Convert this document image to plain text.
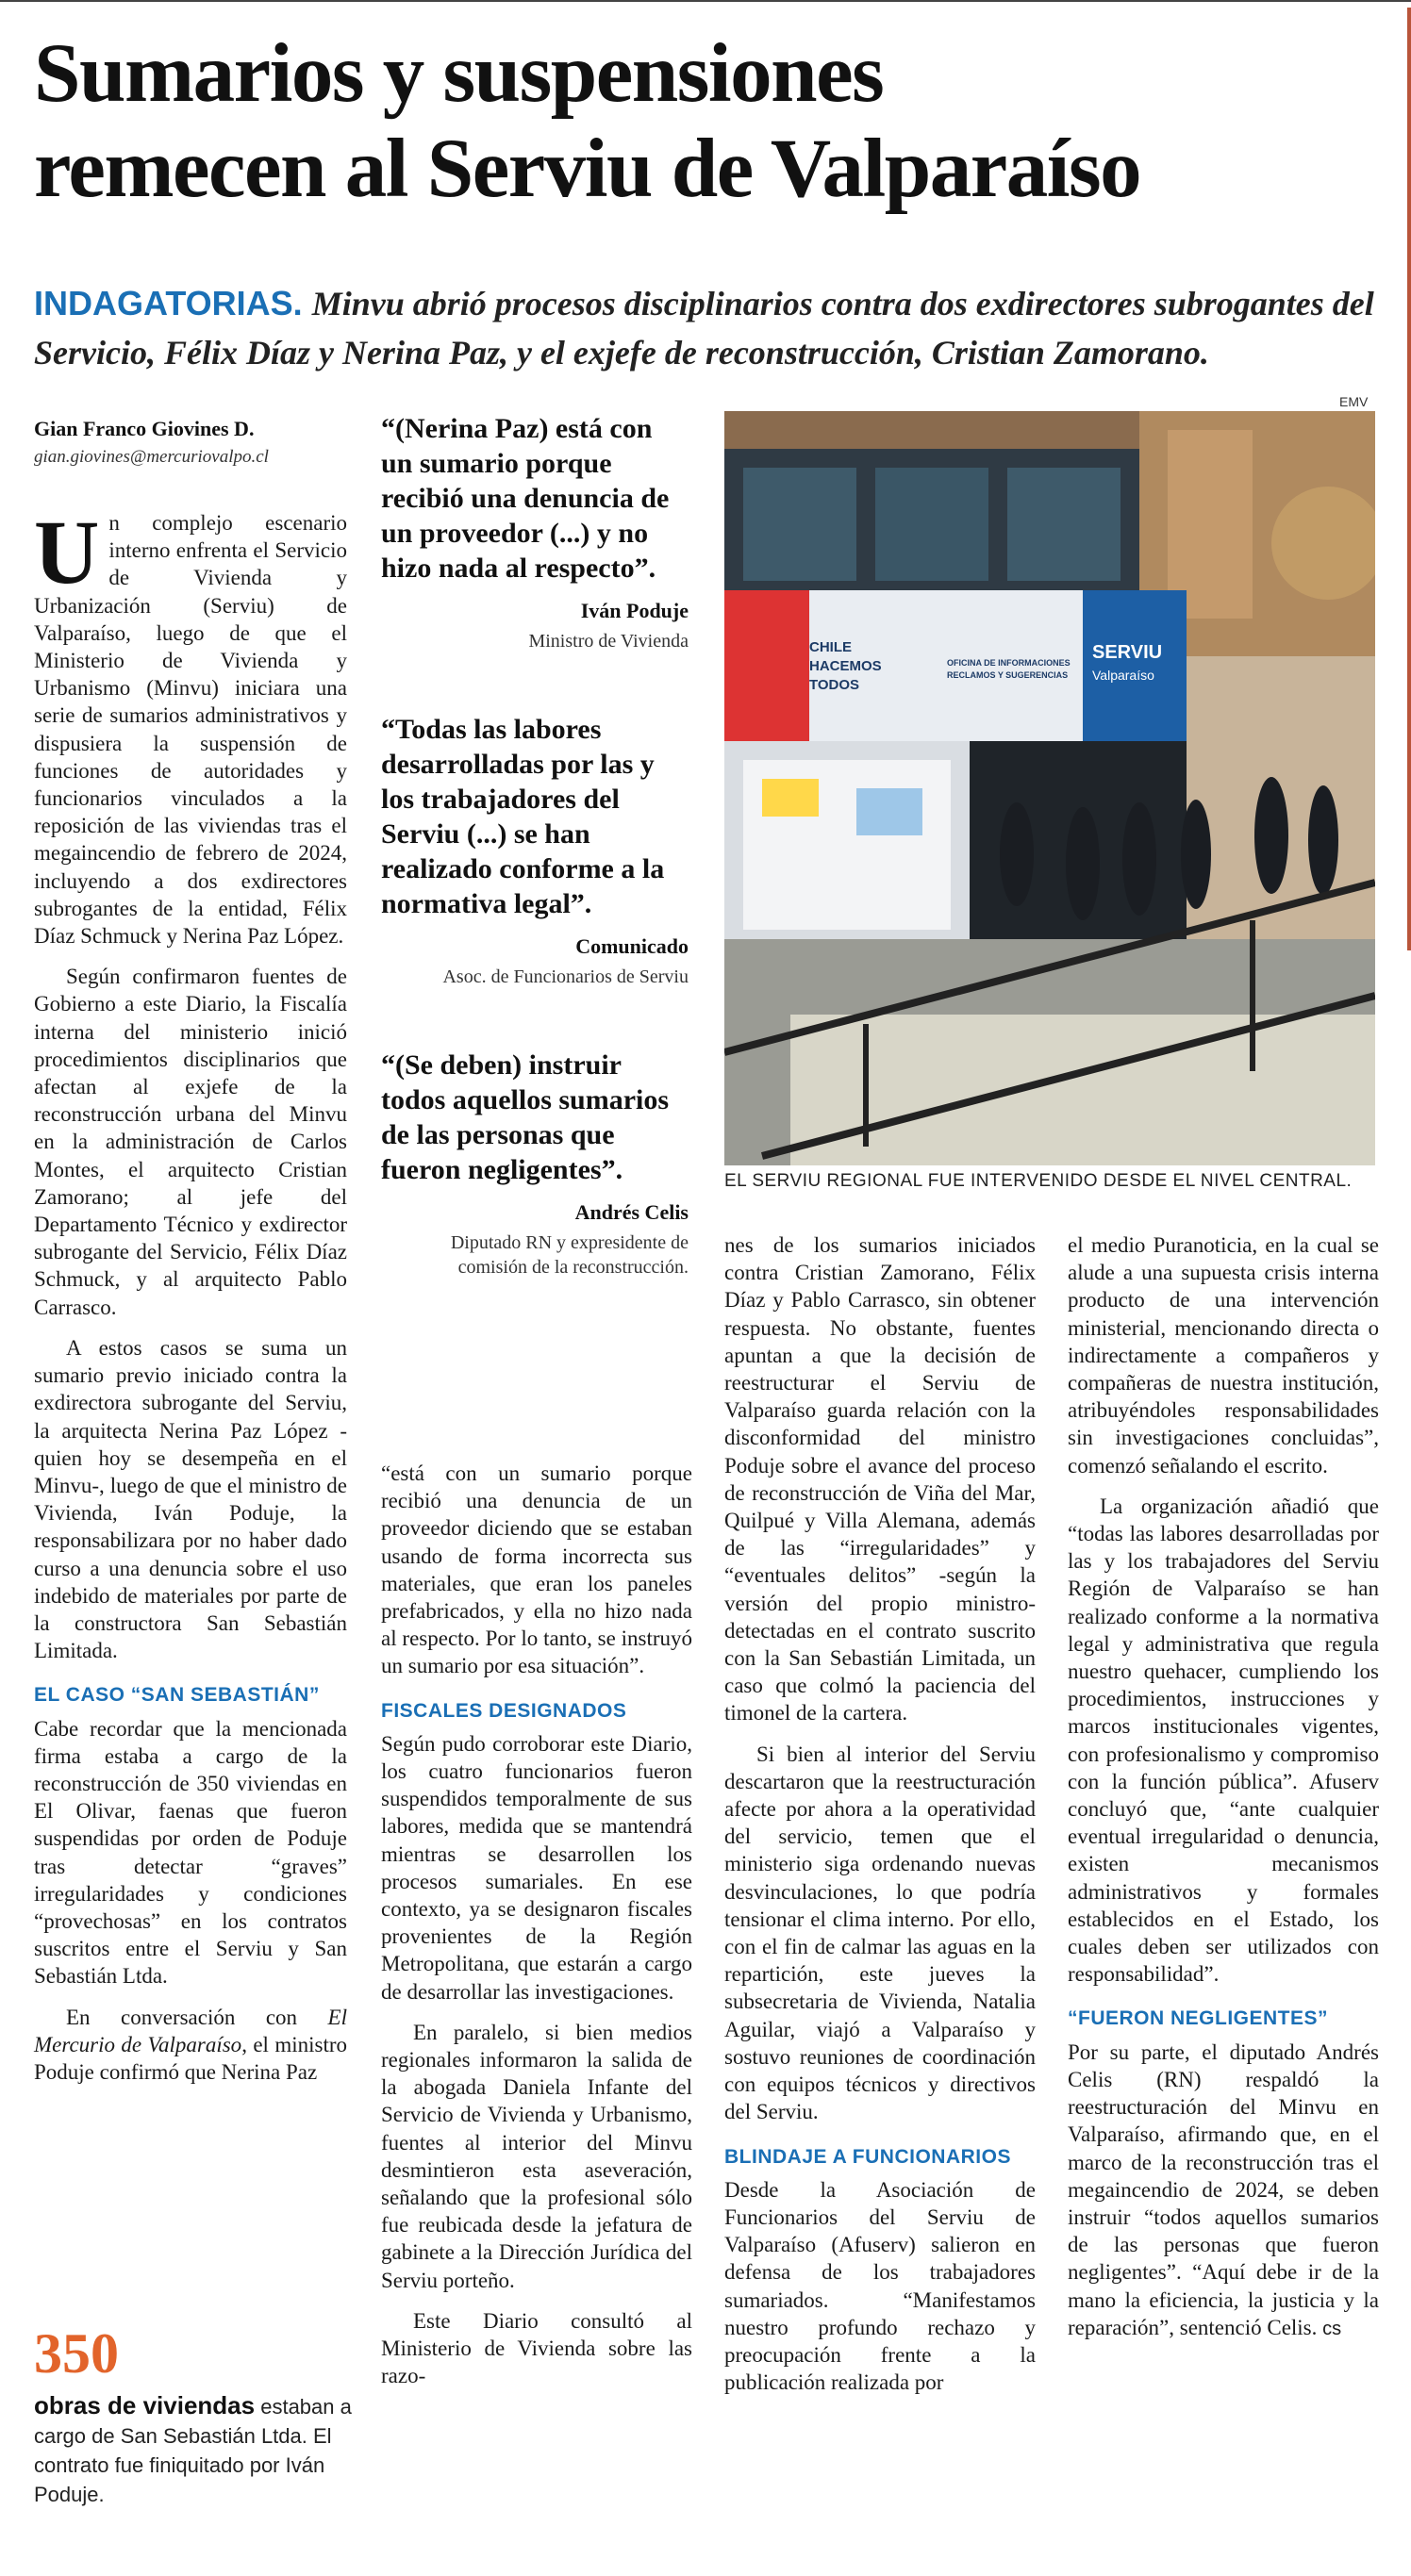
Sumarios y suspensiones
remecen al Serviu de Valparaíso
INDAGATORIAS. Minvu abrió procesos disciplinarios contra dos exdirectores subrogantes del Servicio, Félix Díaz y Nerina Paz, y el exjefe de reconstrucción, Cristian Zamorano.
Gian Franco Giovines D.
gian.giovines@mercuriovalpo.cl

Un complejo escenario interno enfrenta el Servicio de Vivienda y Urbanización (Serviu) de Valparaíso, luego de que el Ministerio de Vivienda y Urbanismo (Minvu) iniciara una serie de sumarios administrativos y dispusiera la suspensión de funciones de autoridades y funcionarios vinculados a la reposición de las viviendas tras el megaincendio de febrero de 2024, incluyendo a dos exdirectores subrogantes de la entidad, Félix Díaz Schmuck y Nerina Paz López.

Según confirmaron fuentes de Gobierno a este Diario, la Fiscalía interna del ministerio inició procedimientos disciplinarios que afectan al exjefe de la reconstrucción urbana del Minvu en la administración de Carlos Montes, el arquitecto Cristian Zamorano; al jefe del Departamento Técnico y exdirector subrogante del Servicio, Félix Díaz Schmuck, y al arquitecto Pablo Carrasco.

A estos casos se suma un sumario previo iniciado contra la exdirectora subrogante del Serviu, la arquitecta Nerina Paz López -quien hoy se desempeña en el Minvu-, luego de que el ministro de Vivienda, Iván Poduje, la responsabilizara por no haber dado curso a una denuncia sobre el uso indebido de materiales por parte de la constructora San Sebastián Limitada.

EL CASO “SAN SEBASTIÁN”

Cabe recordar que la mencionada firma estaba a cargo de la reconstrucción de 350 viviendas en El Olivar, faenas que fueron suspendidas por orden de Poduje tras detectar “graves” irregularidades y condiciones “provechosas” en los contratos suscritos entre el Serviu y San Sebastián Ltda.

En conversación con El Mercurio de Valparaíso, el ministro Poduje confirmó que Nerina Paz

350
obras de viviendas estaban a cargo de San Sebastián Ltda. El contrato fue finiquitado por Iván Poduje.
“(Nerina Paz) está con un sumario porque recibió una denuncia de un proveedor (...) y no hizo nada al respecto”.
Iván Poduje
Ministro de Vivienda
“Todas las labores desarrolladas por las y los trabajadores del Serviu (...) se han realizado conforme a la normativa legal”.
Comunicado
Asoc. de Funcionarios de Serviu
“(Se deben) instruir todos aquellos sumarios de las personas que fueron negligentes”.
Andrés Celis
Diputado RN y expresidente de comisión de la reconstrucción.
EMV
CHILE
HACEMOS
TODOS
OFICINA DE INFORMACIONES
RECLAMOS Y SUGERENCIAS
SERVIU
Valparaíso
EL SERVIU REGIONAL FUE INTERVENIDO DESDE EL NIVEL CENTRAL.

“está con un sumario porque recibió una denuncia de un proveedor diciendo que se estaban usando de forma incorrecta sus materiales, que eran los paneles prefabricados, y ella no hizo nada al respecto. Por lo tanto, se instruyó un sumario por esa situación”.

FISCALES DESIGNADOS

Según pudo corroborar este Diario, los cuatro funcionarios fueron suspendidos temporalmente de sus labores, medida que se mantendrá mientras se desarrollen los procesos sumariales. En ese contexto, ya se designaron fiscales provenientes de la Región Metropolitana, que estarán a cargo de desarrollar las investigaciones.

En paralelo, si bien medios regionales informaron la salida de la abogada Daniela Infante del Servicio de Vivienda y Urbanismo, fuentes al interior del Minvu desmintieron esta aseveración, señalando que la profesional sólo fue reubicada desde la jefatura de gabinete a la Dirección Jurídica del Serviu porteño.

Este Diario consultó al Ministerio de Vivienda sobre las razo-

nes de los sumarios iniciados contra Cristian Zamorano, Félix Díaz y Pablo Carrasco, sin obtener respuesta. No obstante, fuentes apuntan a que la decisión de reestructurar el Serviu de Valparaíso guarda relación con la disconformidad del ministro Poduje sobre el avance del proceso de reconstrucción de Viña del Mar, Quilpué y Villa Alemana, además de las “irregularidades” y “eventuales delitos” -según la versión del propio ministro- detectadas en el contrato suscrito con la San Sebastián Limitada, un caso que colmó la paciencia del timonel de la cartera.

Si bien al interior del Serviu descartaron que la reestructuración afecte por ahora a la operatividad del servicio, temen que el ministerio siga ordenando nuevas desvinculaciones, lo que podría tensionar el clima interno. Por ello, con el fin de calmar las aguas en la repartición, este jueves la subsecretaria de Vivienda, Natalia Aguilar, viajó a Valparaíso y sostuvo reuniones de coordinación con equipos técnicos y directivos del Serviu.

BLINDAJE A FUNCIONARIOS

Desde la Asociación de Funcionarios del Serviu de Valparaíso (Afuserv) salieron en defensa de los trabajadores sumariados. “Manifestamos nuestro profundo rechazo y preocupación frente a la publicación realizada por

el medio Puranoticia, en la cual se alude a una supuesta crisis interna producto de una intervención ministerial, mencionando directa o indirectamente a compañeros y compañeras de nuestra institución, atribuyéndoles responsabilidades sin investigaciones concluidas”, comenzó señalando el escrito.

La organización añadió que “todas las labores desarrolladas por las y los trabajadores del Serviu Región de Valparaíso se han realizado conforme a la normativa legal y administrativa que regula nuestro quehacer, cumpliendo los procedimientos, instrucciones y marcos institucionales vigentes, con profesionalismo y compromiso con la función pública”. Afuserv concluyó que, “ante cualquier eventual irregularidad o denuncia, existen mecanismos administrativos y formales establecidos en el Estado, los cuales deben ser utilizados con responsabilidad”.

“FUERON NEGLIGENTES”

Por su parte, el diputado Andrés Celis (RN) respaldó la reestructuración del Minvu en Valparaíso, afirmando que, en el marco de la reconstrucción tras el megaincendio de 2024, se deben instruir “todos aquellos sumarios de las personas que fueron negligentes”. “Aquí debe ir de la mano la eficiencia, la justicia y la reparación”, sentenció Celis. cs
